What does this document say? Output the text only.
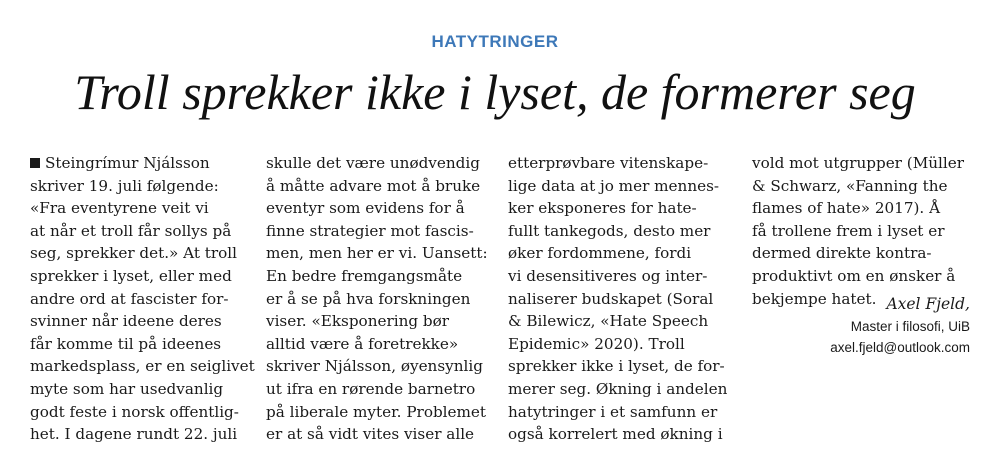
HATYTRINGER
Troll sprekker ikke i lyset, de formerer seg
Steingrímur Njálsson
skriver 19. juli følgende:
«Fra eventyrene veit vi
at når et troll får sollys på
seg, sprekker det.» At troll
sprekker i lyset, eller med
andre ord at fascister for-
svinner når ideene deres
får komme til på ideenes
markedsplass, er en seiglivet
myte som har usedvanlig
godt feste i norsk offentlig-
het. I dagene rundt 22. juli
skulle det være unødvendig
å måtte advare mot å bruke
eventyr som evidens for å
finne strategier mot fascis-
men, men her er vi. Uansett:
En bedre fremgangsmåte
er å se på hva forskningen
viser. «Eksponering bør
alltid være å foretrekke»
skriver Njálsson, øyensynlig
ut ifra en rørende barnetro
på liberale myter. Problemet
er at så vidt vites viser alle
etterprøvbare vitenskape-
lige data at jo mer mennes-
ker eksponeres for hate-
fullt tankegods, desto mer
øker fordommene, fordi
vi desensitiveres og inter-
naliserer budskapet (Soral
& Bilewicz, «Hate Speech
Epidemic» 2020). Troll
sprekker ikke i lyset, de for-
merer seg. Økning i andelen
hatytringer i et samfunn er
også korrelert med økning i
vold mot utgrupper (Müller
& Schwarz, «Fanning the
flames of hate» 2017). Å
få trollene frem i lyset er
dermed direkte kontra-
produktivt om en ønsker å
bekjempe hatet. Axel Fjeld,
Master i filosofi, UiB
axel.fjeld@outlook.com
